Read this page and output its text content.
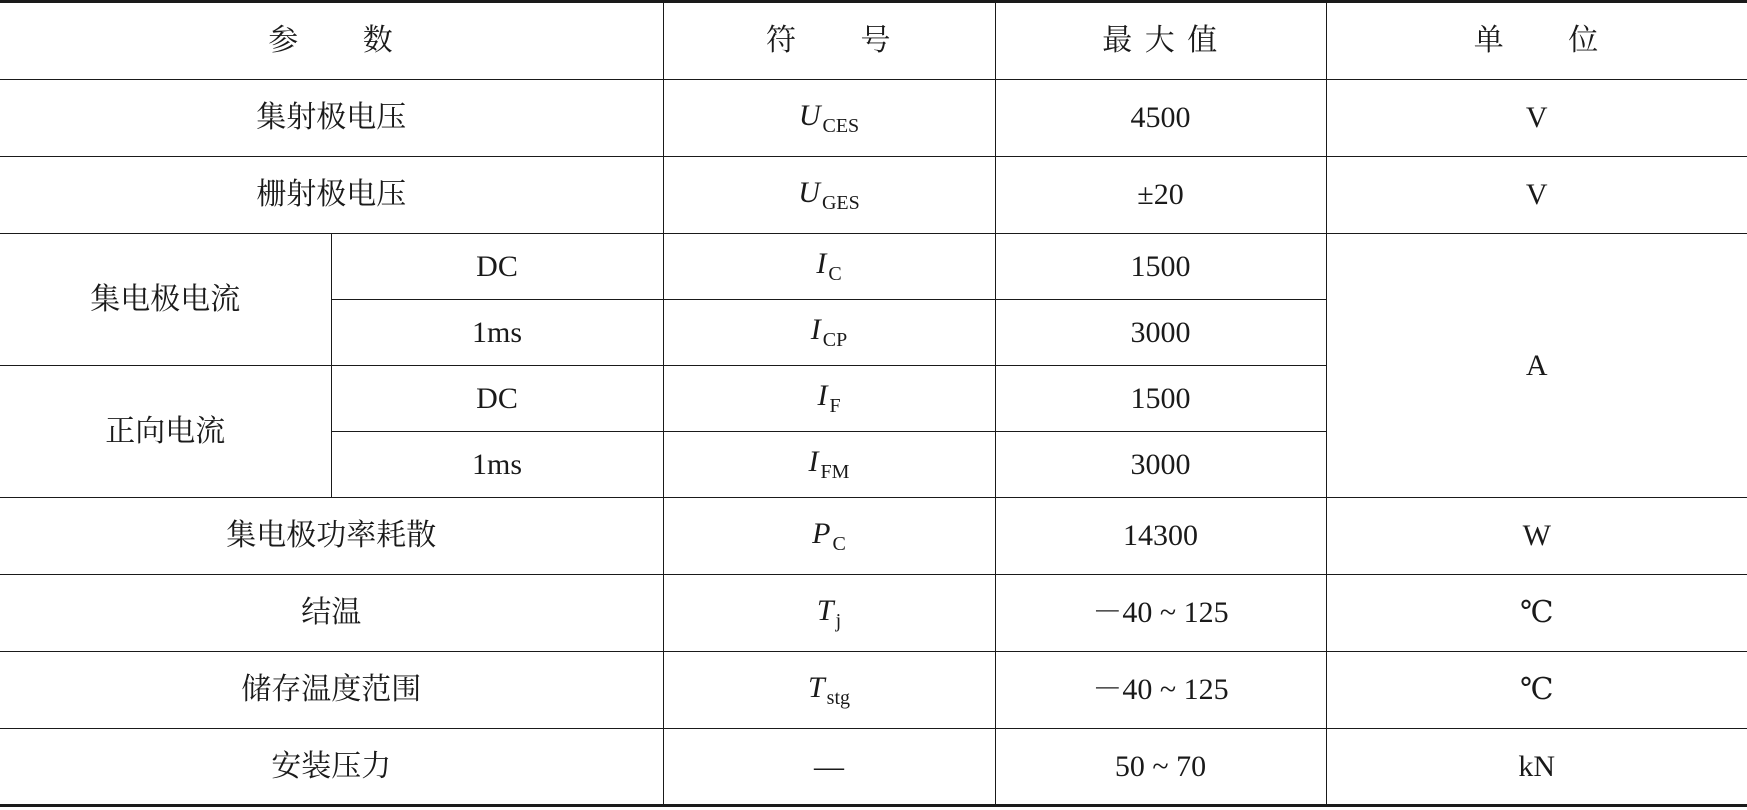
参　　数		符　　号	最 大 值	单　　位
集射极电压		U $_{CES}$	4500	V
栅射极电压		U $_{GES}$	±20	V
集电极电流	DC	I $_C$	1500	A
	1ms	I $_{CP}$	3000	
正向电流	DC	I $_F$	1500	
	1ms	I $_{FM}$	3000	
集电极功率耗散		P $_C$	14300	W
结温		T $_j$	－40 ~ 125	℃
储存温度范围		T $_{stg}$	－40 ~ 125	℃
安装压力		—	50 ~ 70	kN
